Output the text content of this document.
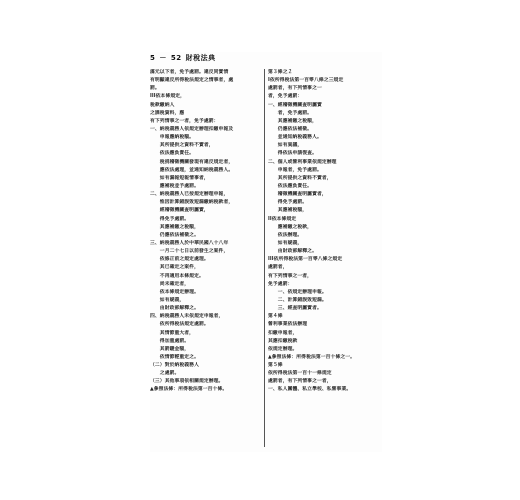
5 － 52 財稅法典
滿元以下者，免予處罰。違反同實情
有明顯違反所得稅法規定之情事者，處
罰。
III依本條規定，
稅款繳納人
之課稅資料，應
有下列情事之一者，免予處罰：
一、納稅義務人依規定辦理扣繳申報及
　　申報應納稅額。
　　其所提供之資料不實者，
　　依法應負責任。
　　稅捐稽徵機關發現有違反規定者，
　　應依法處理，並通知納稅義務人。
　　如有漏報短報情事者，
　　應補稅並予處罰。
二、納稅義務人已按規定辦理申報，
　　惟因計算錯誤致短漏繳納稅款者，
　　經稽徵機關查明屬實，
　　得免予處罰。
　　其應補繳之稅額，
　　仍應依法補徵之。
三、納稅義務人於中華民國八十八年
　　一月二十七日以前發生之案件，
　　依修正前之規定處理。
　　其已確定之案件，
　　不再適用本條規定。
　　尚未確定者，
　　依本條規定辦理。
　　如有疑義，
　　由財政部解釋之。
四、納稅義務人未依規定申報者，
　　依所得稅法規定處罰。
　　其情節重大者，
　　得加重處罰。
　　其罰鍰金額，
　　依情節輕重定之。
（二）對於納稅義務人
　　之處罰。
（三）其他事項依相關規定辦理。
▲參照法條：所得稅法第一百十條。
第３條之２
I依所得稅法第一百零八條之三規定
處罰者，有下列情事之一
者，免予處罰：
一、經稽徵機關查明屬實
　　者，免予處罰。
　　其應補繳之稅額，
　　仍應依法補徵。
　　並通知納稅義務人。
　　如有異議，
　　得依法申請復查。
二、個人或營利事業依規定辦理
　　申報者，免予處罰。
　　其所提供之資料不實者，
　　依法應負責任。
　　稽徵機關查明屬實者，
　　得免予處罰。
　　其應補稅額，
II依本條規定
　　應補繳之稅款，
　　依法辦理。
　　如有疑義，
　　由財政部解釋之。
III依所得稅法第一百零八條之規定
處罰者，
有下列情事之一者，
免予處罰：
　　一、依規定辦理申報。
　　二、計算錯誤致短漏。
　　三、經查明屬實者。
第４條
營利事業依法辦理
扣繳申報者，
其應扣繳稅款
依規定辦理。
▲參照法條：所得稅法第一百十條之一。
第５條
依所得稅法第一百十一條規定
處罰者，有下列情事之一者，
一、私人團體、私立學校、私營事業。
